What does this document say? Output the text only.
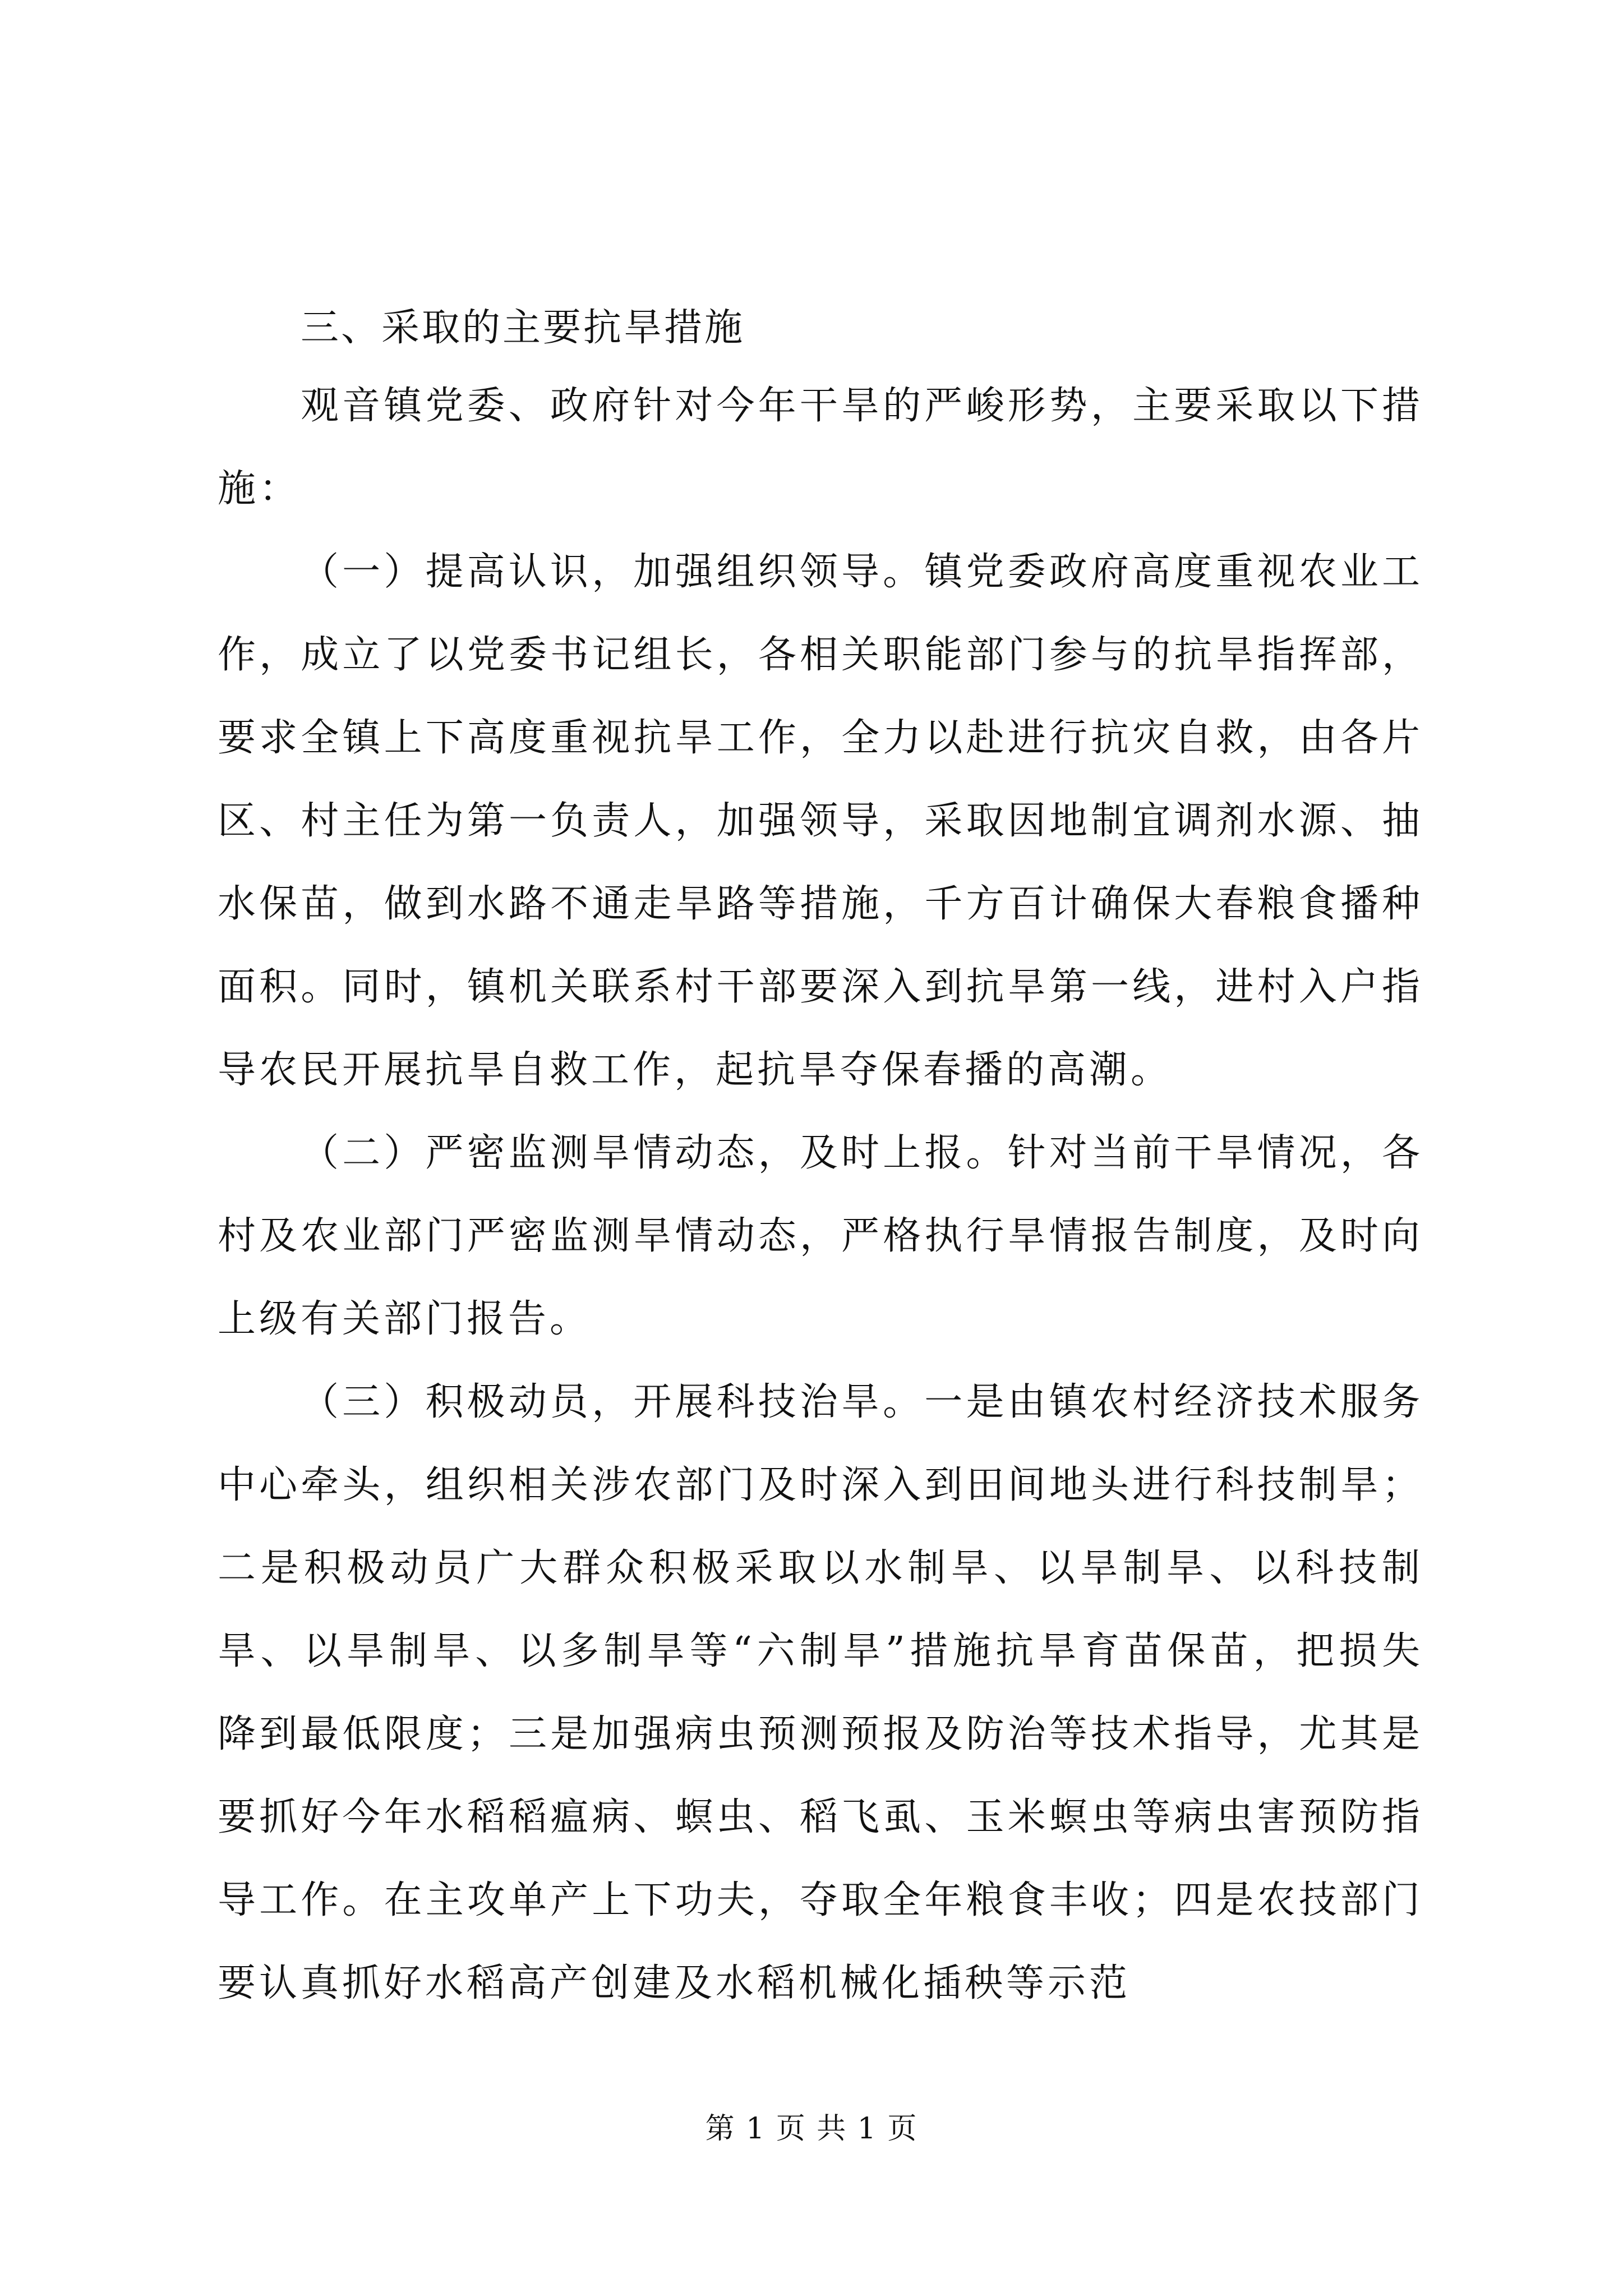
三、采取的主要抗旱措施

观音镇党委、政府针对今年干旱的严峻形势，主要采取以下措施：

（一）提高认识，加强组织领导。镇党委政府高度重视农业工作，成立了以党委书记组长，各相关职能部门参与的抗旱指挥部，要求全镇上下高度重视抗旱工作，全力以赴进行抗灾自救，由各片区、村主任为第一负责人，加强领导，采取因地制宜调剂水源、抽水保苗，做到水路不通走旱路等措施，千方百计确保大春粮食播种面积。同时，镇机关联系村干部要深入到抗旱第一线，进村入户指导农民开展抗旱自救工作，起抗旱夺保春播的高潮。

（二）严密监测旱情动态，及时上报。针对当前干旱情况，各村及农业部门严密监测旱情动态，严格执行旱情报告制度，及时向上级有关部门报告。

（三）积极动员，开展科技治旱。一是由镇农村经济技术服务中心牵头，组织相关涉农部门及时深入到田间地头进行科技制旱；二是积极动员广大群众积极采取以水制旱、以旱制旱、以科技制旱、以旱制旱、以多制旱等“六制旱”措施抗旱育苗保苗，把损失降到最低限度；三是加强病虫预测预报及防治等技术指导，尤其是要抓好今年水稻稻瘟病、螟虫、稻飞虱、玉米螟虫等病虫害预防指导工作。在主攻单产上下功夫，夺取全年粮食丰收；四是农技部门要认真抓好水稻高产创建及水稻机械化插秧等示范

第 1 页 共 1 页
